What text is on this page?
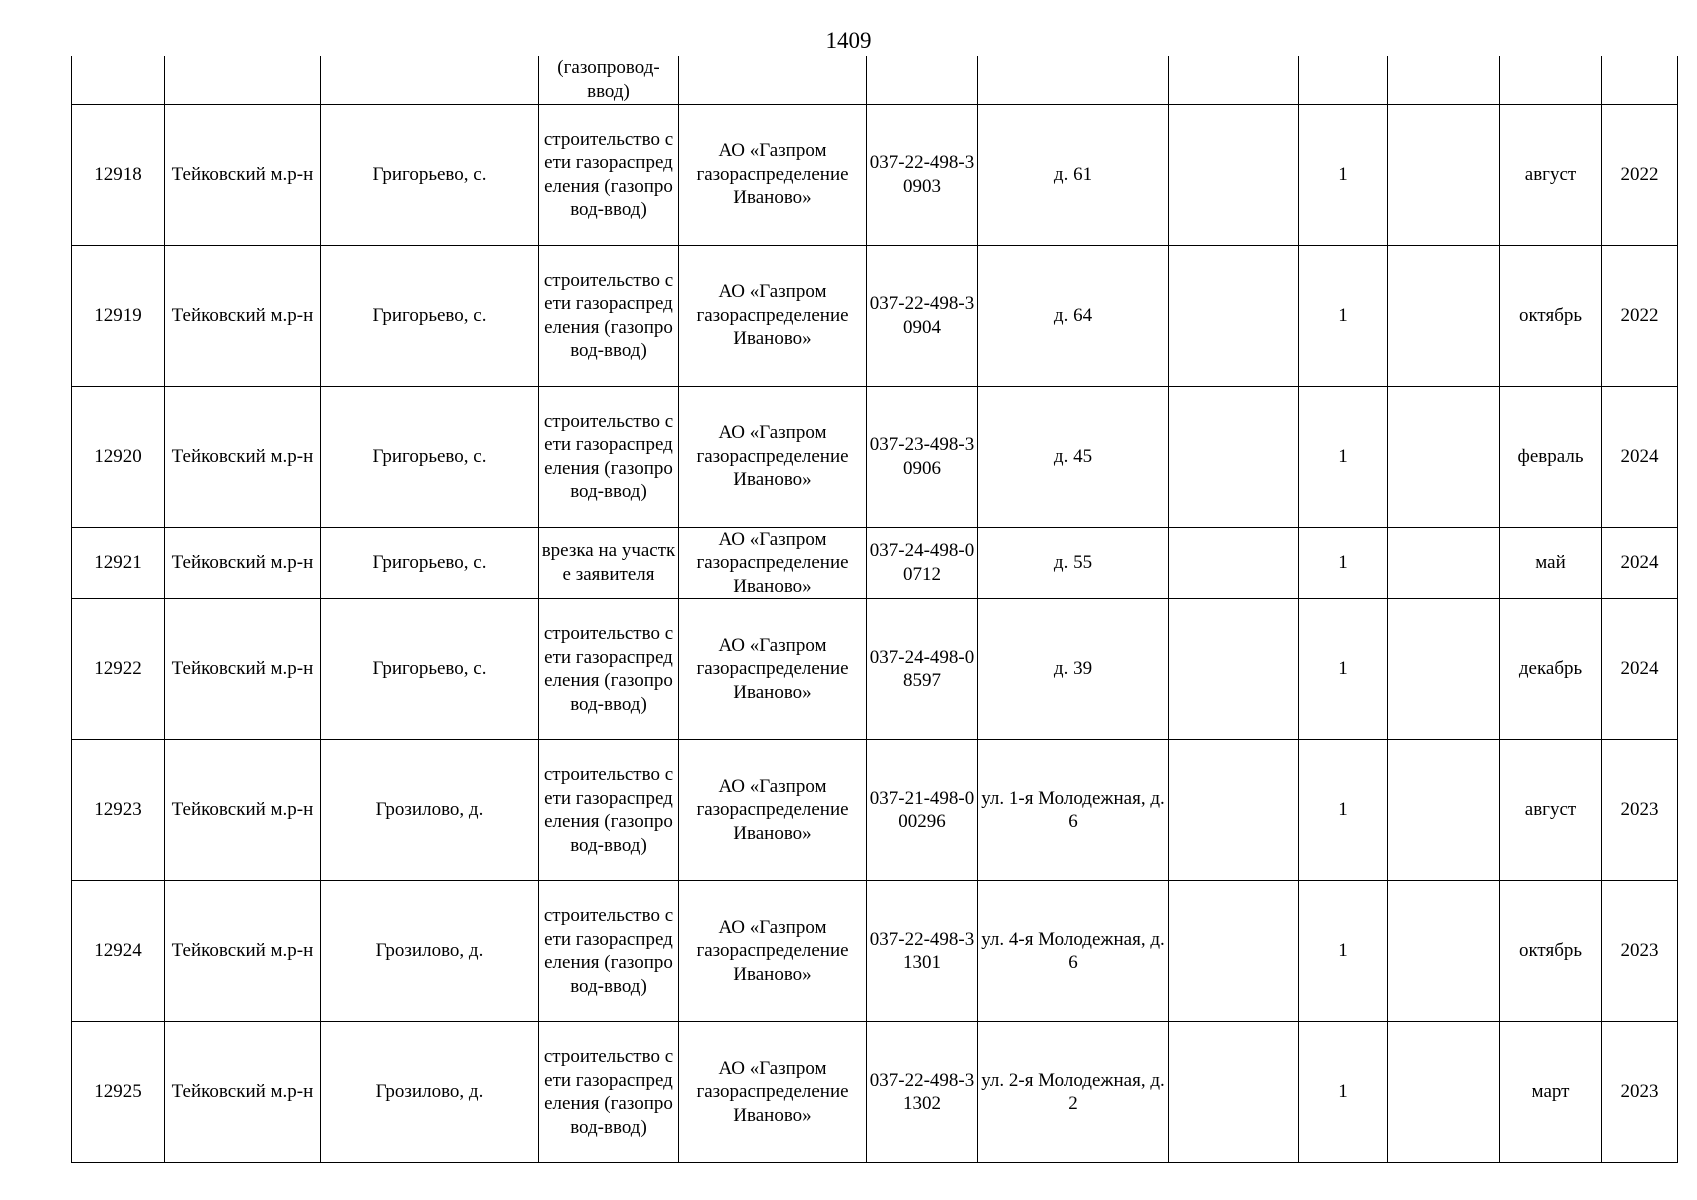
1409
			(газопровод-
ввод)								
12918	Тейковский м.р-н	Григорьево, с.	строительство сети газораспределения (газопровод-ввод)	АО «Газпром газораспределение Иваново»	037-22-498-30903	д. 61		1		август	2022
12919	Тейковский м.р-н	Григорьево, с.	строительство сети газораспределения (газопровод-ввод)	АО «Газпром газораспределение Иваново»	037-22-498-30904	д. 64		1		октябрь	2022
12920	Тейковский м.р-н	Григорьево, с.	строительство сети газораспределения (газопровод-ввод)	АО «Газпром газораспределение Иваново»	037-23-498-30906	д. 45		1		февраль	2024
12921	Тейковский м.р-н	Григорьево, с.	врезка на участке заявителя	АО «Газпром газораспределение Иваново»	037-24-498-00712	д. 55		1		май	2024
12922	Тейковский м.р-н	Григорьево, с.	строительство сети газораспределения (газопровод-ввод)	АО «Газпром газораспределение Иваново»	037-24-498-08597	д. 39		1		декабрь	2024
12923	Тейковский м.р-н	Грозилово, д.	строительство сети газораспределения (газопровод-ввод)	АО «Газпром газораспределение Иваново»	037-21-498-000296	ул. 1-я Молодежная, д. 6		1		август	2023
12924	Тейковский м.р-н	Грозилово, д.	строительство сети газораспределения (газопровод-ввод)	АО «Газпром газораспределение Иваново»	037-22-498-31301	ул. 4-я Молодежная, д. 6		1		октябрь	2023
12925	Тейковский м.р-н	Грозилово, д.	строительство сети газораспределения (газопровод-ввод)	АО «Газпром газораспределение Иваново»	037-22-498-31302	ул. 2-я Молодежная, д. 2		1		март	2023
